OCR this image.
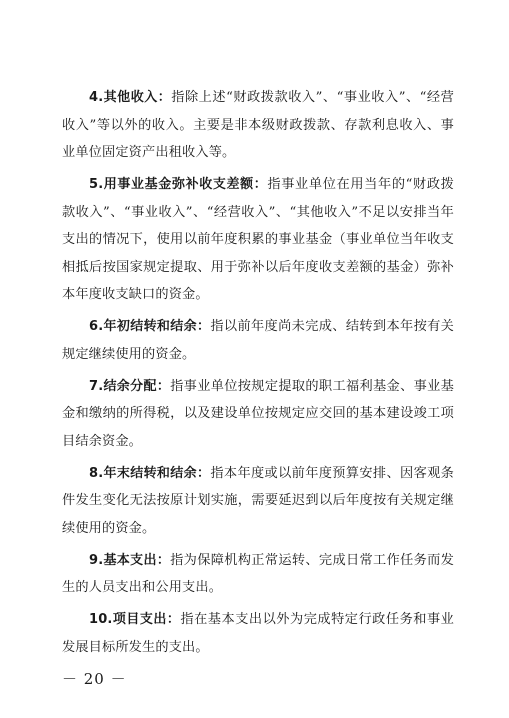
4.其他收入：指除上述“财政拨款收入”、“事业收入”、“经营收入”等以外的收入。主要是非本级财政拨款、存款利息收入、事业单位固定资产出租收入等。

5.用事业基金弥补收支差额：指事业单位在用当年的“财政拨款收入”、“事业收入”、“经营收入”、“其他收入”不足以安排当年支出的情况下，使用以前年度积累的事业基金（事业单位当年收支相抵后按国家规定提取、用于弥补以后年度收支差额的基金）弥补本年度收支缺口的资金。

6.年初结转和结余：指以前年度尚未完成、结转到本年按有关规定继续使用的资金。

7.结余分配：指事业单位按规定提取的职工福利基金、事业基金和缴纳的所得税，以及建设单位按规定应交回的基本建设竣工项目结余资金。

8.年末结转和结余：指本年度或以前年度预算安排、因客观条件发生变化无法按原计划实施，需要延迟到以后年度按有关规定继续使用的资金。

9.基本支出：指为保障机构正常运转、完成日常工作任务而发生的人员支出和公用支出。

10.项目支出：指在基本支出以外为完成特定行政任务和事业发展目标所发生的支出。

－ 20 －
